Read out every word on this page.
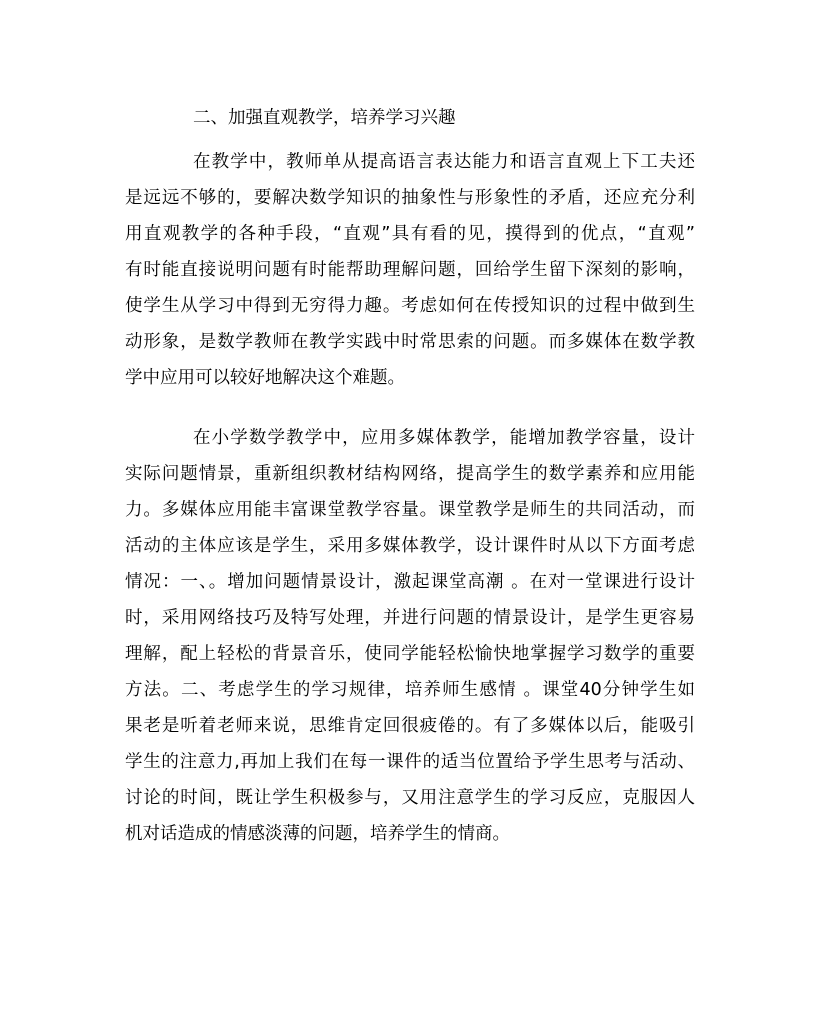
二、加强直观教学，培养学习兴趣
在教学中，教师单从提高语言表达能力和语言直观上下工夫还
是远远不够的，要解决数学知识的抽象性与形象性的矛盾，还应充分利
用直观教学的各种手段，“直观”具有看的见，摸得到的优点，“直观”
有时能直接说明问题有时能帮助理解问题，回给学生留下深刻的影响，
使学生从学习中得到无穷得力趣。考虑如何在传授知识的过程中做到生
动形象，是数学教师在教学实践中时常思索的问题。而多媒体在数学教
学中应用可以较好地解决这个难题。
在小学数学教学中，应用多媒体教学，能增加教学容量，设计
实际问题情景，重新组织教材结构网络，提高学生的数学素养和应用能
力。多媒体应用能丰富课堂教学容量。课堂教学是师生的共同活动，而
活动的主体应该是学生，采用多媒体教学，设计课件时从以下方面考虑
情况：一、。增加问题情景设计，激起课堂高潮 。在对一堂课进行设计
时，采用网络技巧及特写处理，并进行问题的情景设计，是学生更容易
理解，配上轻松的背景音乐，使同学能轻松愉快地掌握学习数学的重要
方法。二、考虑学生的学习规律，培养师生感情 。课堂40分钟学生如
果老是听着老师来说，思维肯定回很疲倦的。有了多媒体以后，能吸引
学生的注意力,再加上我们在每一课件的适当位置给予学生思考与活动、
讨论的时间，既让学生积极参与，又用注意学生的学习反应，克服因人
机对话造成的情感淡薄的问题，培养学生的情商。
